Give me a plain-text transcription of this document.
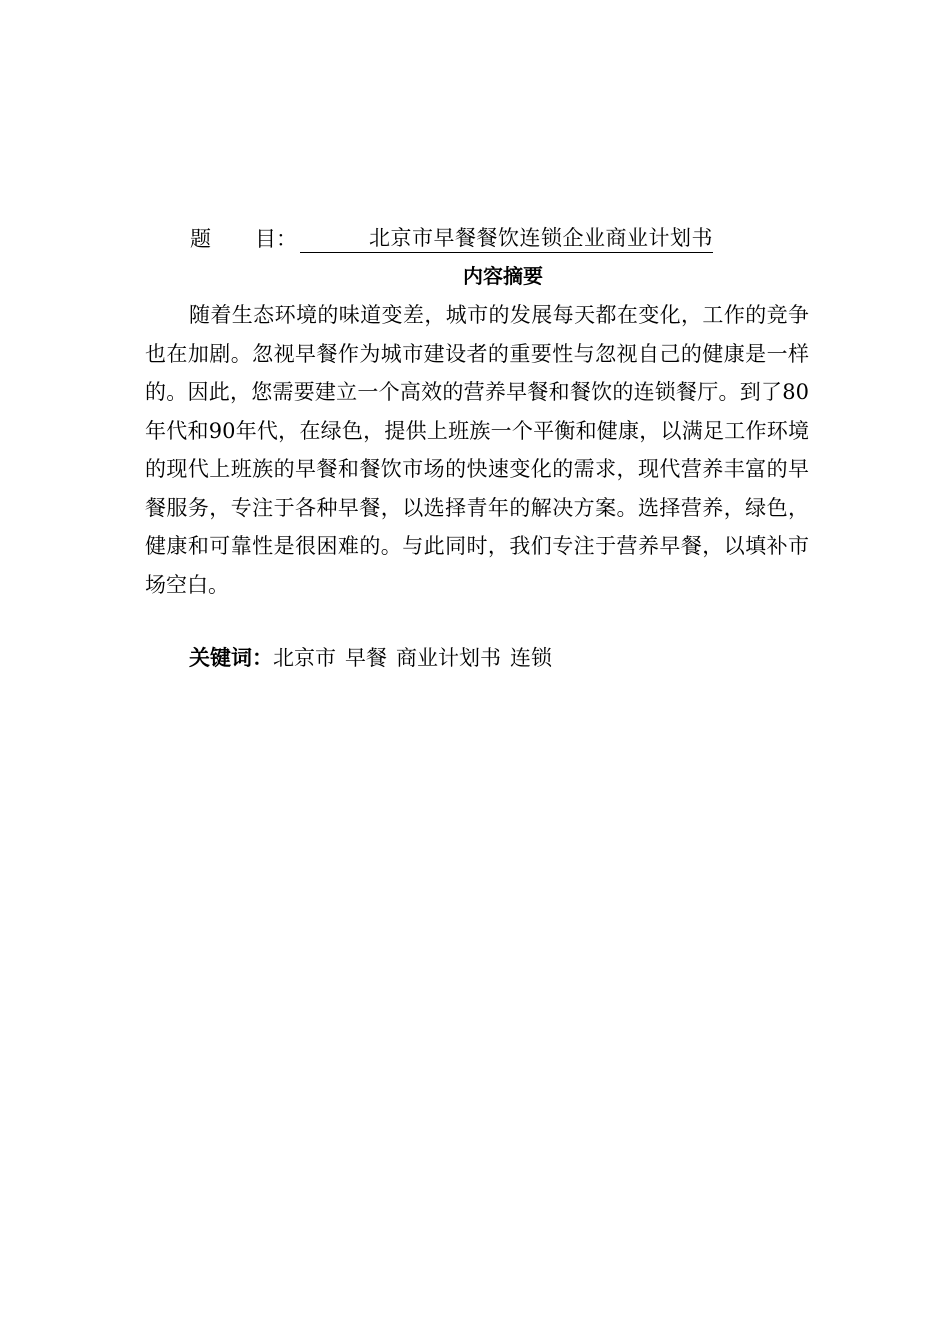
题 目：	北京市早餐餐饮连锁企业商业计划书
内容摘要

随着生态环境的味道变差，城市的发展每天都在变化，工作的竞争也在加剧。忽视早餐作为城市建设者的重要性与忽视自己的健康是一样的。因此，您需要建立一个高效的营养早餐和餐饮的连锁餐厅。到了80年代和90年代，在绿色，提供上班族一个平衡和健康，以满足工作环境的现代上班族的早餐和餐饮市场的快速变化的需求，现代营养丰富的早餐服务，专注于各种早餐，以选择青年的解决方案。选择营养，绿色，健康和可靠性是很困难的。与此同时，我们专注于营养早餐，以填补市场空白。

关键词：北京市 早餐 商业计划书 连锁
